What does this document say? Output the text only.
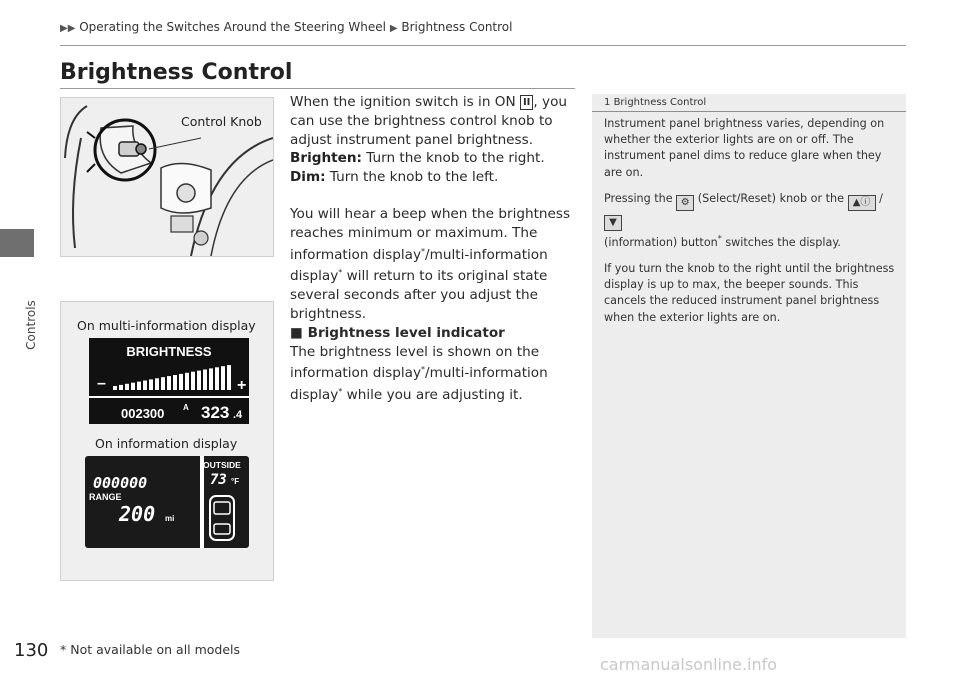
Controls
▶▶ Operating the Switches Around the Steering Wheel ▶ Brightness Control
Brightness Control
Control Knob
On multi-information display
BRIGHTNESS
–	+
002300 A 323 .4
On information display
000000
RANGE
200 mi
OUTSIDE
73 °F

When the ignition switch is in ON II , you can use the brightness control knob to adjust instrument panel brightness.

Brighten: Turn the knob to the right.

Dim: Turn the knob to the left.

You will hear a beep when the brightness reaches minimum or maximum. The information display*/multi-information display* will return to its original state several seconds after you adjust the brightness.

■ Brightness level indicator

The brightness level is shown on the information display*/multi-information display* while you are adjusting it.

1 Brightness Control

Instrument panel brightness varies, depending on whether the exterior lights are on or off. The instrument panel dims to reduce glare when they are on.

Pressing the ⚙ (Select/Reset) knob or the ▲ⓘ / ▼
(information) button* switches the display.

If you turn the knob to the right until the brightness display is up to max, the beeper sounds. This cancels the reduced instrument panel brightness when the exterior lights are on.

130 * Not available on all models
carmanualsonline.info
